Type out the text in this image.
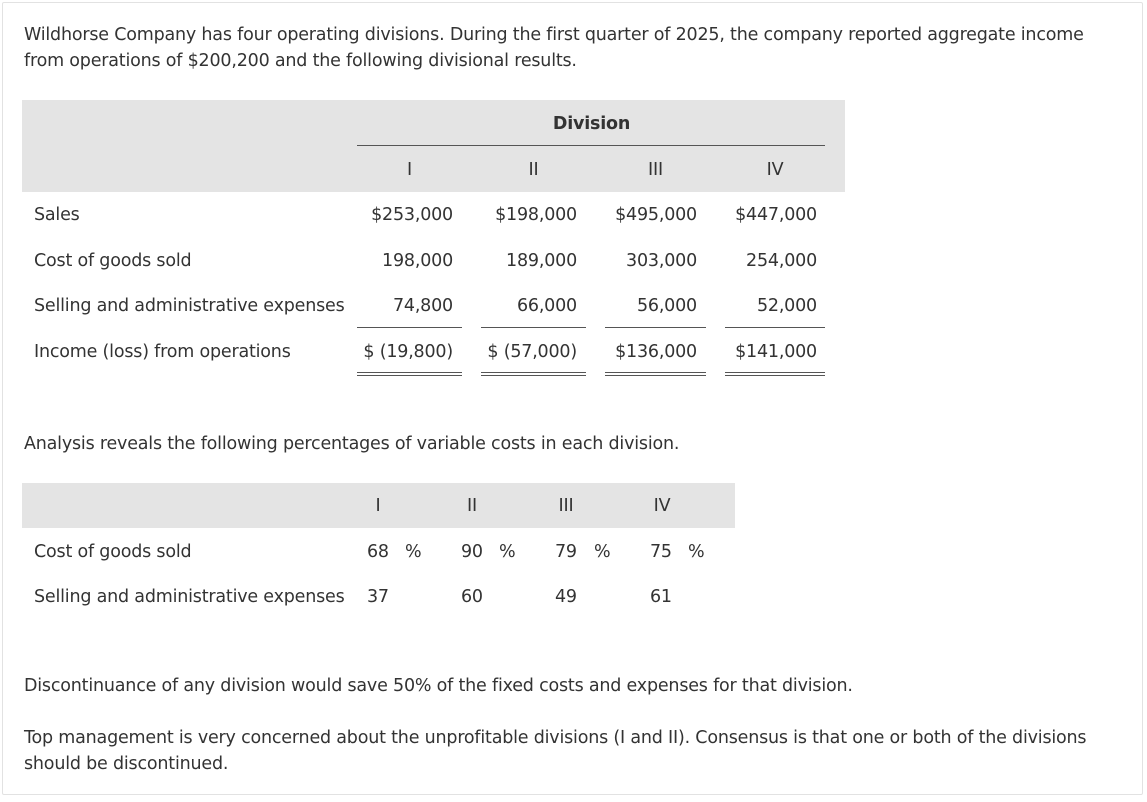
Wildhorse Company has four operating divisions. During the first quarter of 2025, the company reported aggregate income from operations of $200,200 and the following divisional results.

Division
I	II	III	IV
Sales	$253,000	$198,000	$495,000	$447,000
Cost of goods sold	198,000	189,000	303,000	254,000
Selling and administrative expenses	74,800	66,000	56,000	52,000
Income (loss) from operations	$ (19,800)	$ (57,000)	$136,000	$141,000

Analysis reveals the following percentages of variable costs in each division.

I	II	III	IV
Cost of goods sold	68 % 90 % 79 % 75 %
Selling and administrative expenses 37	60	49	61

Discontinuance of any division would save 50% of the fixed costs and expenses for that division.

Top management is very concerned about the unprofitable divisions (I and II). Consensus is that one or both of the divisions should be discontinued.
